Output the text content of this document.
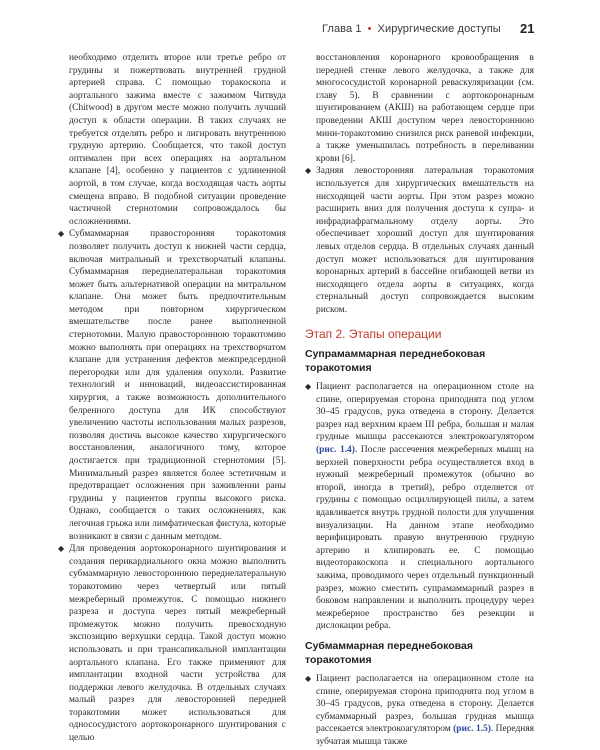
Глава 1 • Хирургические доступы 21

необходимо отделить второе или третье ребро от грудины и пожертвовать внутренней грудной артерией справа. С помощью торакоскопа и аортального зажима вместе с зажимом Читвуда (Chitwood) в другом месте можно получить лучший доступ к области операции. В таких случаях не требуется отделять ребро и лигировать внутреннюю грудную артерию. Сообщается, что такой доступ оптимален при всех операциях на аортальном клапане [4], особенно у пациентов с удлиненной аортой, в том случае, когда восходящая часть аорты смещена вправо. В подобной ситуации проведение частичной стернотомии сопровождалось бы осложнениями.

◆ Субмаммарная правосторонняя торакотомия позволяет получить доступ к нижней части сердца, включая митральный и трехстворчатый клапаны. Субмаммарная переднелатеральная торакотомия может быть альтернативой операции на митральном клапане. Она может быть предпочтительным методом при повторном хирургическом вмешательстве после ранее выполненной стернотомии. Малую правостороннюю торакотомию можно выполнять при операциях на трехстворчатом клапане для устранения дефектов межпредсердной перегородки или для удаления опухоли. Развитие технологий и инноваций, видеоассистированная хирургия, а также возможность дополнительного белренного доступа для ИК способствуют увеличению частоты использования малых разрезов, позволяя достичь высокое качество хирургического восстановления, аналогичного тому, которое достигается при традиционной стернотомии [5]. Минимальный разрез является более эстетичным и предотвращает осложнения при заживлении раны грудины у пациентов группы высокого риска. Однако, сообщается о таких осложнениях, как легочная грыжа или лимфатическая фистула, которые возникают в связи с данным методом.

◆ Для проведения аортокоронарного шунтирования и создания перикардиального окна можно выполнить субмаммарную левостороннюю переднелатеральную торакотомию через четвертый или пятый межреберный промежуток. С помощью нижнего разреза и доступа через пятый межреберный промежуток можно получить превосходную экспозицию верхушки сердца. Такой доступ можно использовать и при трансапикальной имплантации аортального клапана. Его также применяют для имплантации входной части устройства для поддержки левого желудочка. В отдельных случаях малый разрез для левосторонней передней торакотомии может использоваться для однососудистого аортокоронарного шунтирования с целью

восстановления коронарного кровообращения в передней стенке левого желудочка, а также для многососудистой коронарной реваскуляризации (см. главу 5). В сравнении с аортокоронарным шунтированием (АКШ) на работающем сердце при проведении АКШ доступом через левостороннюю мини-торакотомию снизился риск раневой инфекции, а также уменьшилась потребность в переливании крови [6].

◆ Задняя левосторонняя латеральная торакотомия используется для хирургических вмешательств на нисходящей части аорты. При этом разрез можно расширить вниз для получения доступа к супра- и инфрадиафрагмальному отделу аорты. Это обеспечивает хороший доступ для шунтирования левых отделов сердца. В отдельных случаях данный доступ может использоваться для шунтирования коронарных артерий в бассейне огибающей ветви из нисходящего отдела аорты в ситуациях, когда стернальный доступ сопровождается высоким риском.

Этап 2. Этапы операции
Супрамаммарная переднебоковая торакотомия
◆ Пациент располагается на операционном столе на спине, оперируемая сторона приподнята под углом 30–45 градусов, рука отведена в сторону. Делается разрез над верхним краем III ребра, большая и малая грудные мышцы рассекаются электрокоагулятором (рис. 1.4). После рассечения межреберных мышц на верхней поверхности ребра осуществляется вход в нужный межреберный промежуток (обычно во второй, иногда в третий), ребро отделяется от грудины с помощью осциллирующей пилы, а затем вдавливается внутрь грудной полости для улучшения визуализации. На данном этапе необходимо верифицировать правую внутреннюю грудную артерию и клипировать ее. С помощью видеоторакоскопа и специального аортального зажима, проводимого через отдельный пункционный разрез, можно сместить супрамаммарный разрез в боковом направлении и выполнить процедуру через межреберное пространство без резекции и дислокации ребра.

Субмаммарная переднебоковая торакотомия
◆ Пациент располагается на операционном столе на спине, оперируемая сторона приподнята под углом в 30–45 градусов, рука отведена в сторону. Делается субмаммарный разрез, большая грудная мышца рассекается электрокоагулятором (рис. 1.5). Передняя зубчатая мышца также
